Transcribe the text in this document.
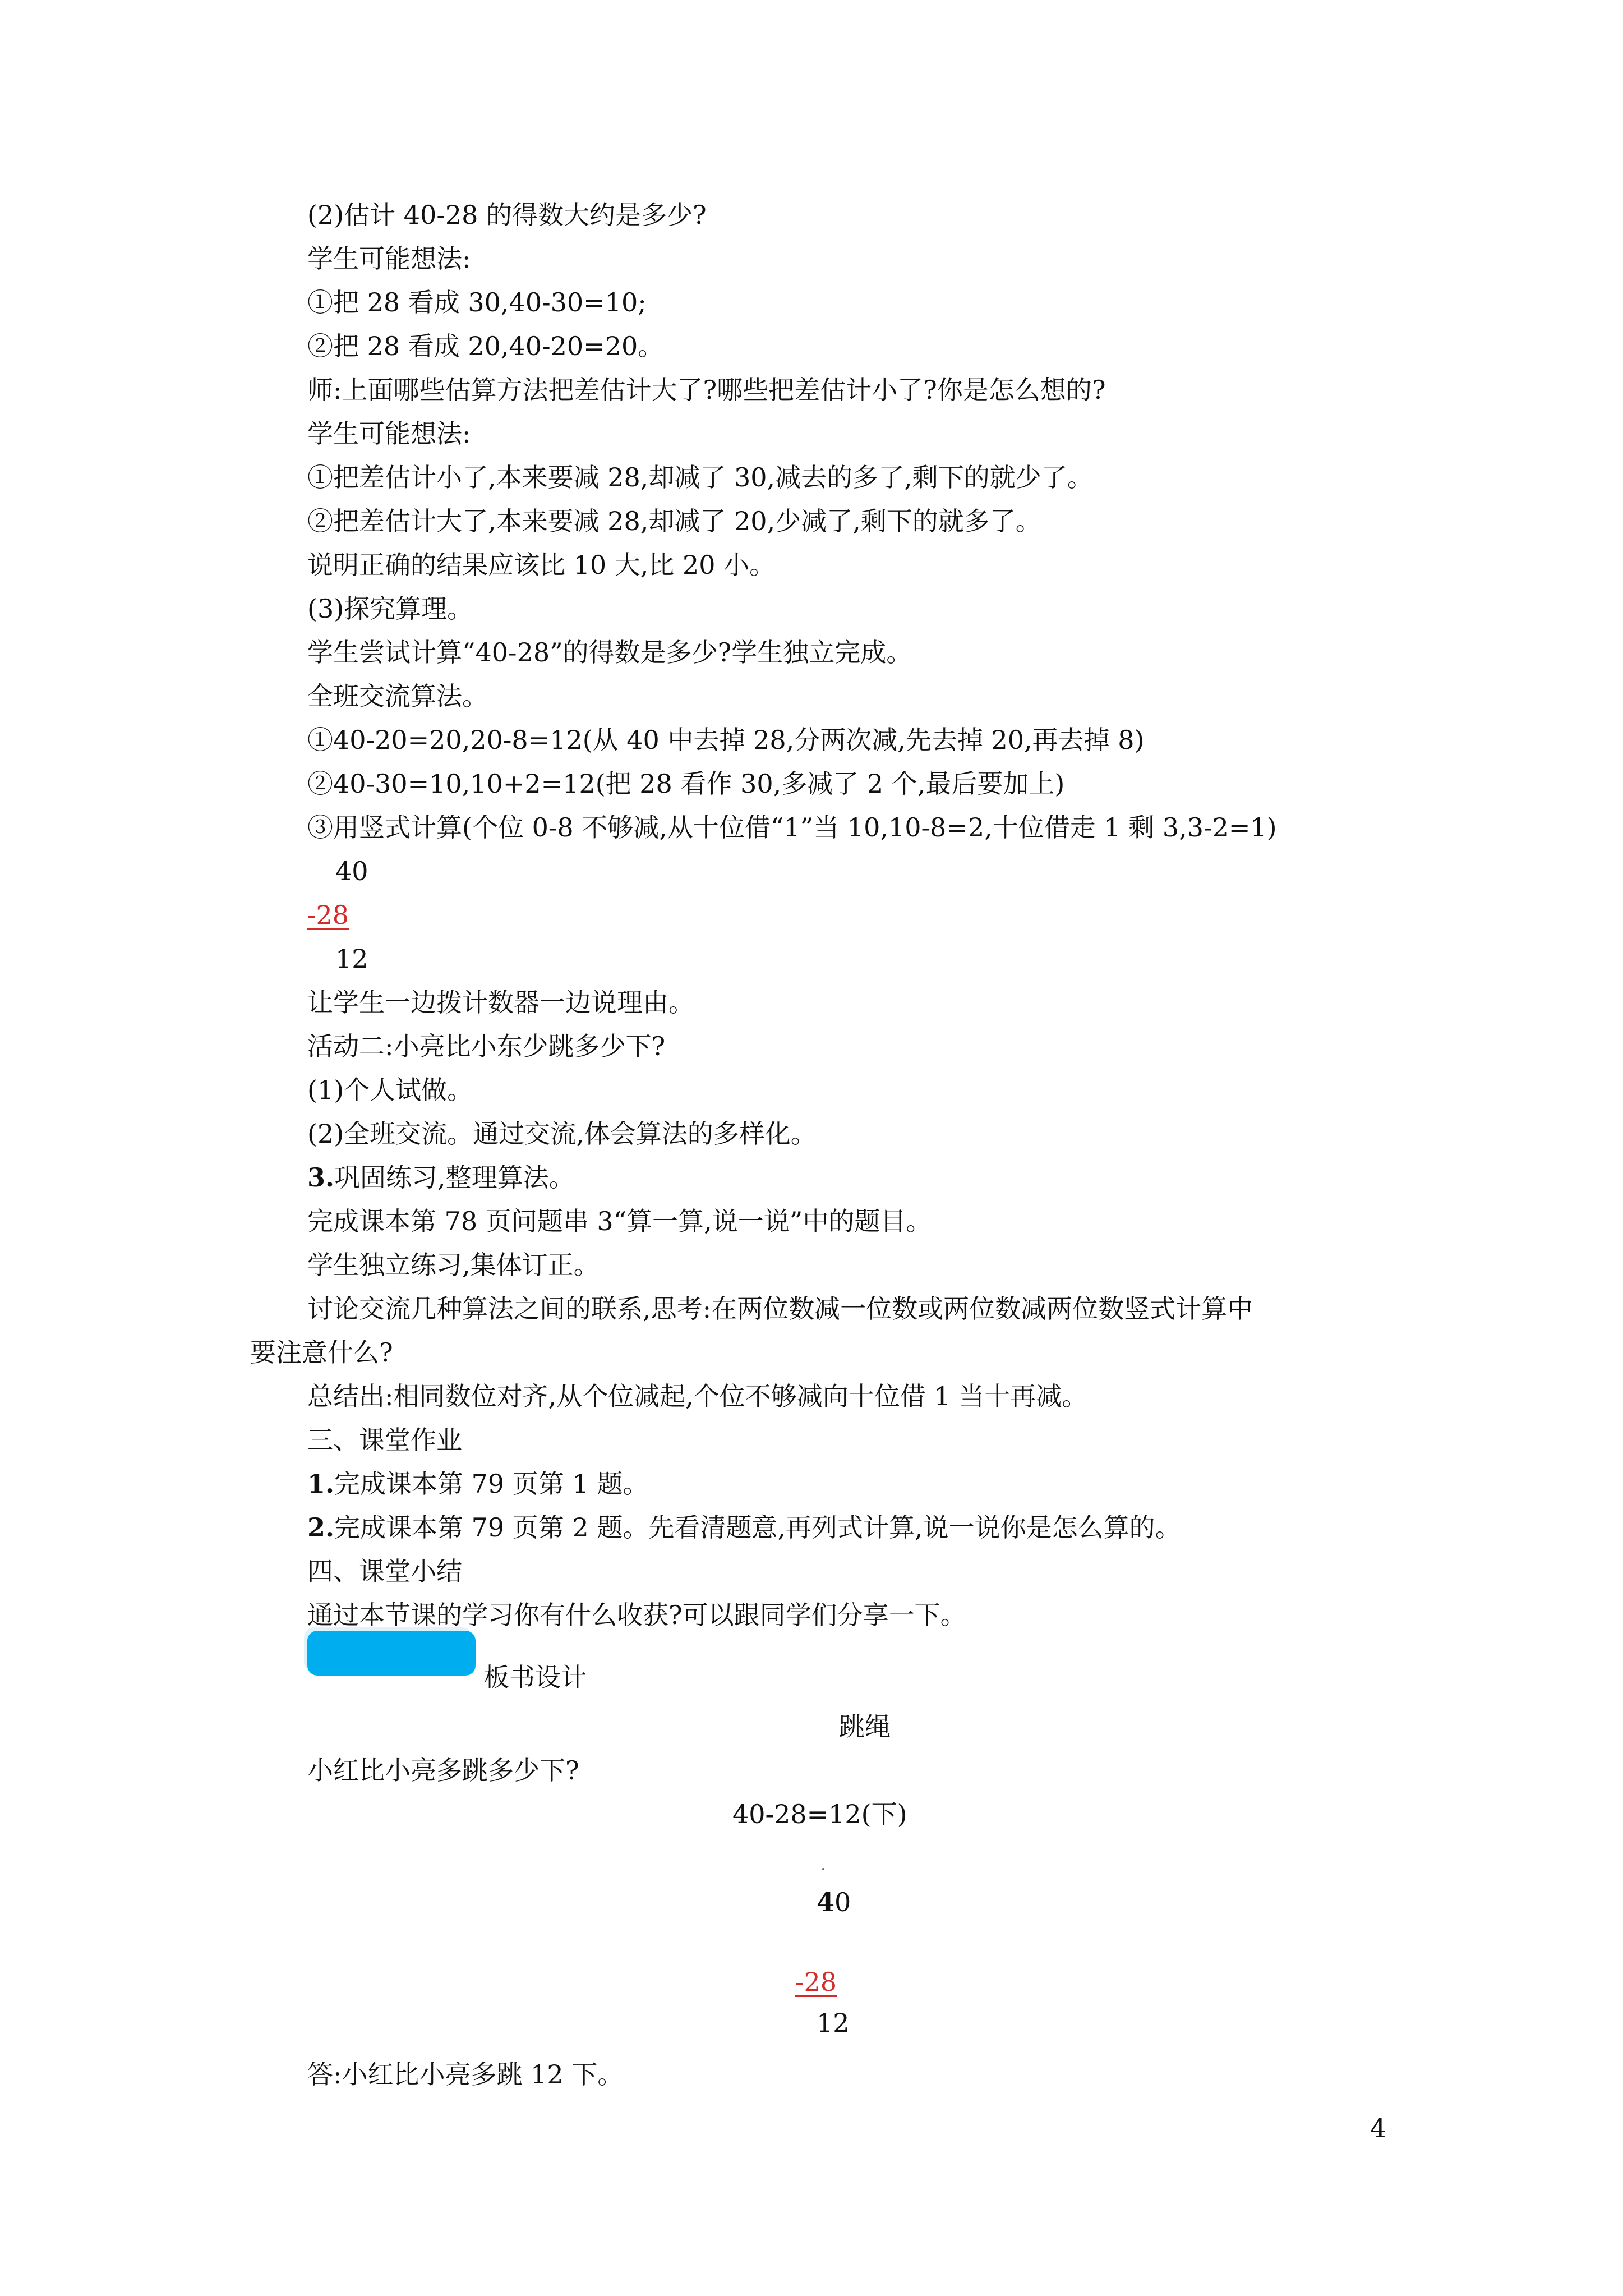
(2)估计 40-28 的得数大约是多少?
学生可能想法:
①把 28 看成 30,40-30=10;
②把 28 看成 20,40-20=20。
师:上面哪些估算方法把差估计大了?哪些把差估计小了?你是怎么想的?
学生可能想法:
①把差估计小了,本来要减 28,却减了 30,减去的多了,剩下的就少了。
②把差估计大了,本来要减 28,却减了 20,少减了,剩下的就多了。
说明正确的结果应该比 10 大,比 20 小。
(3)探究算理。
学生尝试计算“40-28”的得数是多少?学生独立完成。
全班交流算法。
①40-20=20,20-8=12(从 40 中去掉 28,分两次减,先去掉 20,再去掉 8)
②40-30=10,10+2=12(把 28 看作 30,多减了 2 个,最后要加上)
③用竖式计算(个位 0-8 不够减,从十位借“1”当 10,10-8=2,十位借走 1 剩 3,3-2=1)
40
-28
12
让学生一边拨计数器一边说理由。
活动二:小亮比小东少跳多少下?
(1)个人试做。
(2)全班交流。通过交流,体会算法的多样化。
3.巩固练习,整理算法。
完成课本第 78 页问题串 3“算一算,说一说”中的题目。
学生独立练习,集体订正。
讨论交流几种算法之间的联系,思考:在两位数减一位数或两位数减两位数竖式计算中
要注意什么?
总结出:相同数位对齐,从个位减起,个位不够减向十位借 1 当十再减。
三、课堂作业
1.完成课本第 79 页第 1 题。
2.完成课本第 79 页第 2 题。先看清题意,再列式计算,说一说你是怎么算的。
四、课堂小结
通过本节课的学习你有什么收获?可以跟同学们分享一下。
板书设计
跳绳
小红比小亮多跳多少下?
40-28=12(下)
40
-28
12
答:小红比小亮多跳 12 下。
4
